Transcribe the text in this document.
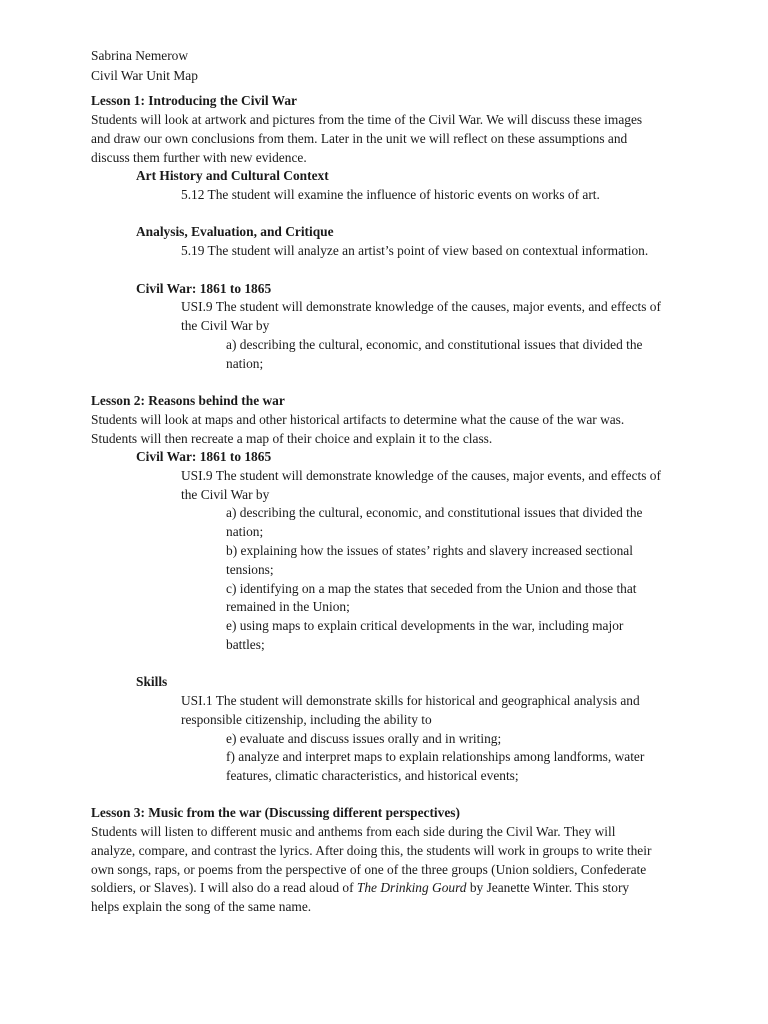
Sabrina Nemerow
Civil War Unit Map
Lesson 1: Introducing the Civil War
Students will look at artwork and pictures from the time of the Civil War. We will discuss these images
and draw our own conclusions from them. Later in the unit we will reflect on these assumptions and
discuss them further with new evidence.
Art History and Cultural Context
5.12 The student will examine the influence of historic events on works of art.
Analysis, Evaluation, and Critique
5.19 The student will analyze an artist’s point of view based on contextual information.
Civil War: 1861 to 1865
USI.9 The student will demonstrate knowledge of the causes, major events, and effects of
the Civil War by
a) describing the cultural, economic, and constitutional issues that divided the
nation;
Lesson 2: Reasons behind the war
Students will look at maps and other historical artifacts to determine what the cause of the war was.
Students will then recreate a map of their choice and explain it to the class.
Civil War: 1861 to 1865
USI.9 The student will demonstrate knowledge of the causes, major events, and effects of
the Civil War by
a) describing the cultural, economic, and constitutional issues that divided the
nation;
b) explaining how the issues of states’ rights and slavery increased sectional
tensions;
c) identifying on a map the states that seceded from the Union and those that
remained in the Union;
e) using maps to explain critical developments in the war, including major
battles;
Skills
USI.1 The student will demonstrate skills for historical and geographical analysis and
responsible citizenship, including the ability to
e) evaluate and discuss issues orally and in writing;
f) analyze and interpret maps to explain relationships among landforms, water
features, climatic characteristics, and historical events;
Lesson 3: Music from the war (Discussing different perspectives)
Students will listen to different music and anthems from each side during the Civil War. They will
analyze, compare, and contrast the lyrics. After doing this, the students will work in groups to write their
own songs, raps, or poems from the perspective of one of the three groups (Union soldiers, Confederate
soldiers, or Slaves). I will also do a read aloud of The Drinking Gourd by Jeanette Winter. This story
helps explain the song of the same name.
